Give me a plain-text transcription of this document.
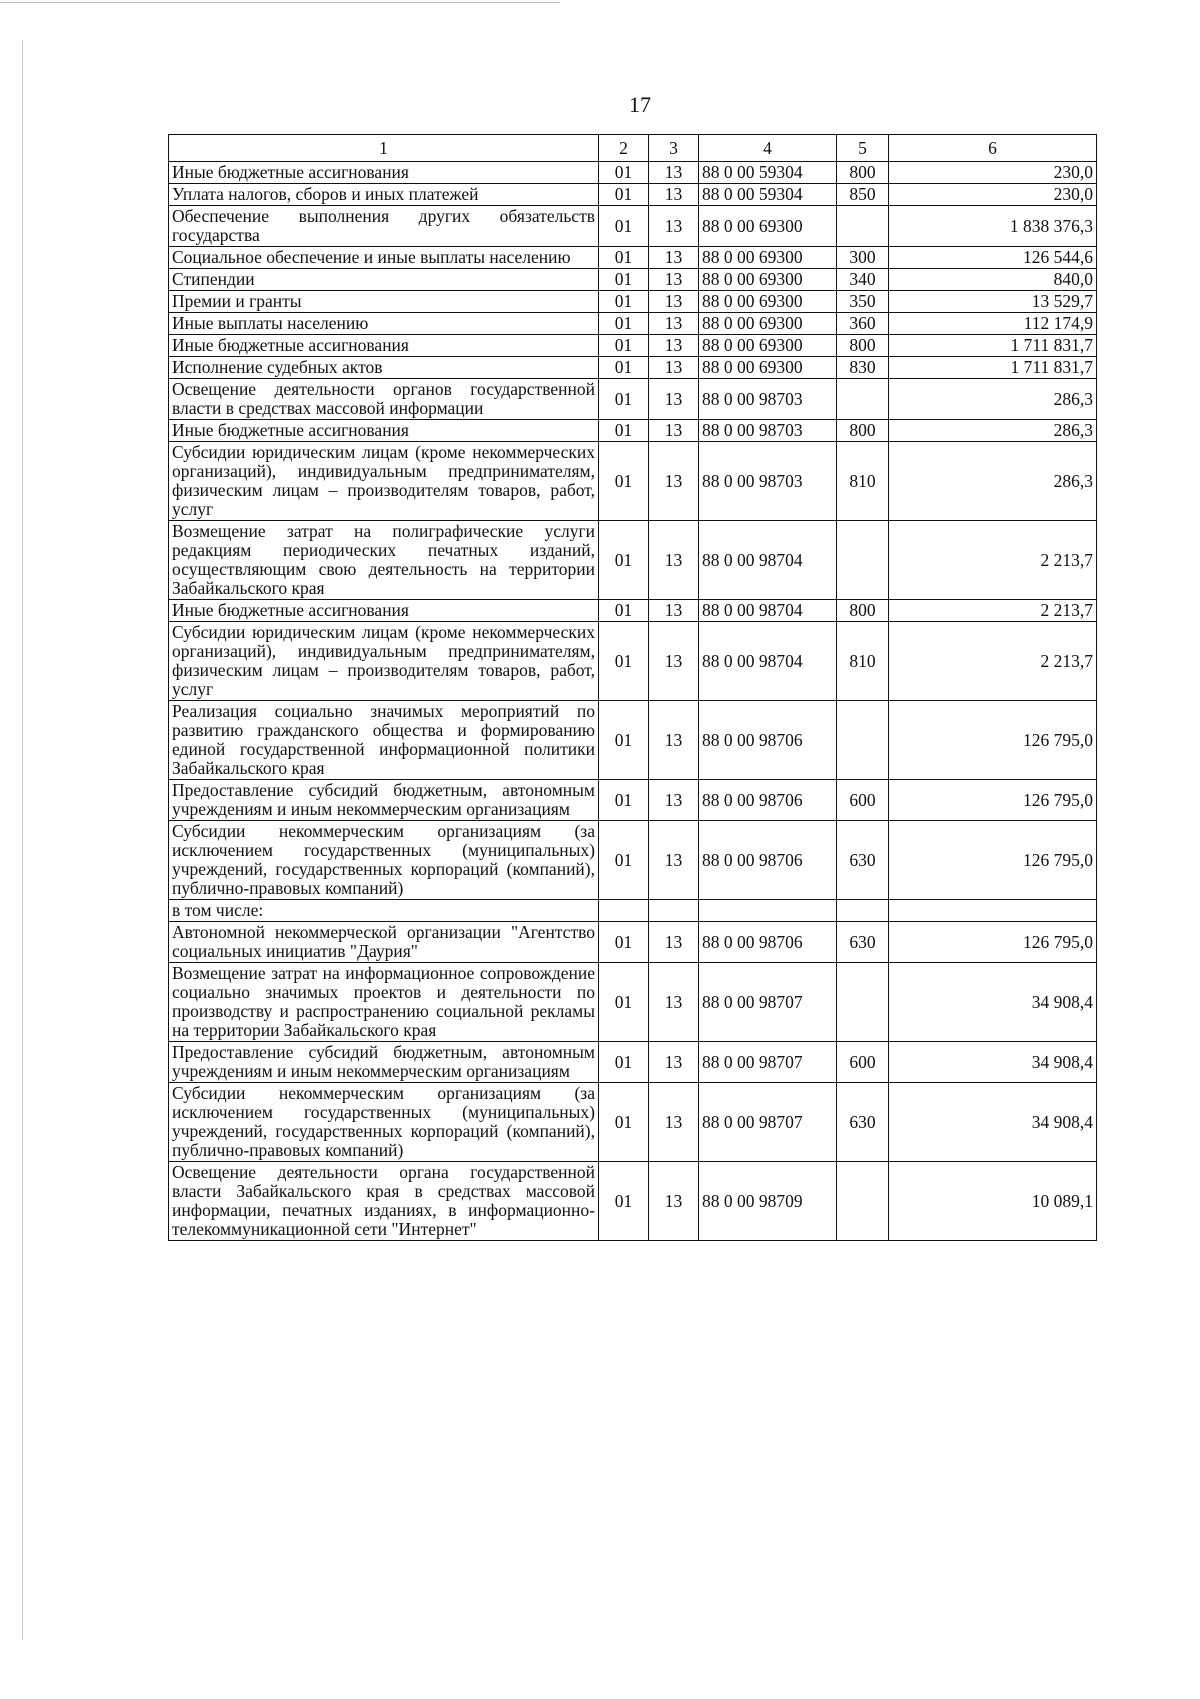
17
1	2	3	4	5	6
Иные бюджетные ассигнования	01	13	88 0 00 59304	800	230,0
Уплата налогов, сборов и иных платежей	01	13	88 0 00 59304	850	230,0
Обеспечение выполнения других обязательств государства	01	13	88 0 00 69300		1 838 376,3
Социальное обеспечение и иные выплаты населению	01	13	88 0 00 69300	300	126 544,6
Стипендии	01	13	88 0 00 69300	340	840,0
Премии и гранты	01	13	88 0 00 69300	350	13 529,7
Иные выплаты населению	01	13	88 0 00 69300	360	112 174,9
Иные бюджетные ассигнования	01	13	88 0 00 69300	800	1 711 831,7
Исполнение судебных актов	01	13	88 0 00 69300	830	1 711 831,7
Освещение деятельности органов государственной власти в средствах массовой информации	01	13	88 0 00 98703		286,3
Иные бюджетные ассигнования	01	13	88 0 00 98703	800	286,3
Субсидии юридическим лицам (кроме некоммерческих организаций), индивидуальным предпринимателям, физическим лицам – производителям товаров, работ, услуг	01	13	88 0 00 98703	810	286,3
Возмещение затрат на полиграфические услуги редакциям периодических печатных изданий, осуществляющим свою деятельность на территории Забайкальского края	01	13	88 0 00 98704		2 213,7
Иные бюджетные ассигнования	01	13	88 0 00 98704	800	2 213,7
Субсидии юридическим лицам (кроме некоммерческих организаций), индивидуальным предпринимателям, физическим лицам – производителям товаров, работ, услуг	01	13	88 0 00 98704	810	2 213,7
Реализация социально значимых мероприятий по развитию гражданского общества и формированию единой государственной информационной политики Забайкальского края	01	13	88 0 00 98706		126 795,0
Предоставление субсидий бюджетным, автономным учреждениям и иным некоммерческим организациям	01	13	88 0 00 98706	600	126 795,0
Субсидии некоммерческим организациям (за исключением государственных (муниципальных) учреждений, государственных корпораций (компаний), публично-правовых компаний)	01	13	88 0 00 98706	630	126 795,0
в том числе:					
Автономной некоммерческой организации "Агентство социальных инициатив "Даурия"	01	13	88 0 00 98706	630	126 795,0
Возмещение затрат на информационное сопровождение социально значимых проектов и деятельности по производству и распространению социальной рекламы на территории Забайкальского края	01	13	88 0 00 98707		34 908,4
Предоставление субсидий бюджетным, автономным учреждениям и иным некоммерческим организациям	01	13	88 0 00 98707	600	34 908,4
Субсидии некоммерческим организациям (за исключением государственных (муниципальных) учреждений, государственных корпораций (компаний), публично-правовых компаний)	01	13	88 0 00 98707	630	34 908,4
Освещение деятельности органа государственной власти Забайкальского края в средствах массовой информации, печатных изданиях, в информационно-телекоммуникационной сети "Интернет"	01	13	88 0 00 98709		10 089,1
